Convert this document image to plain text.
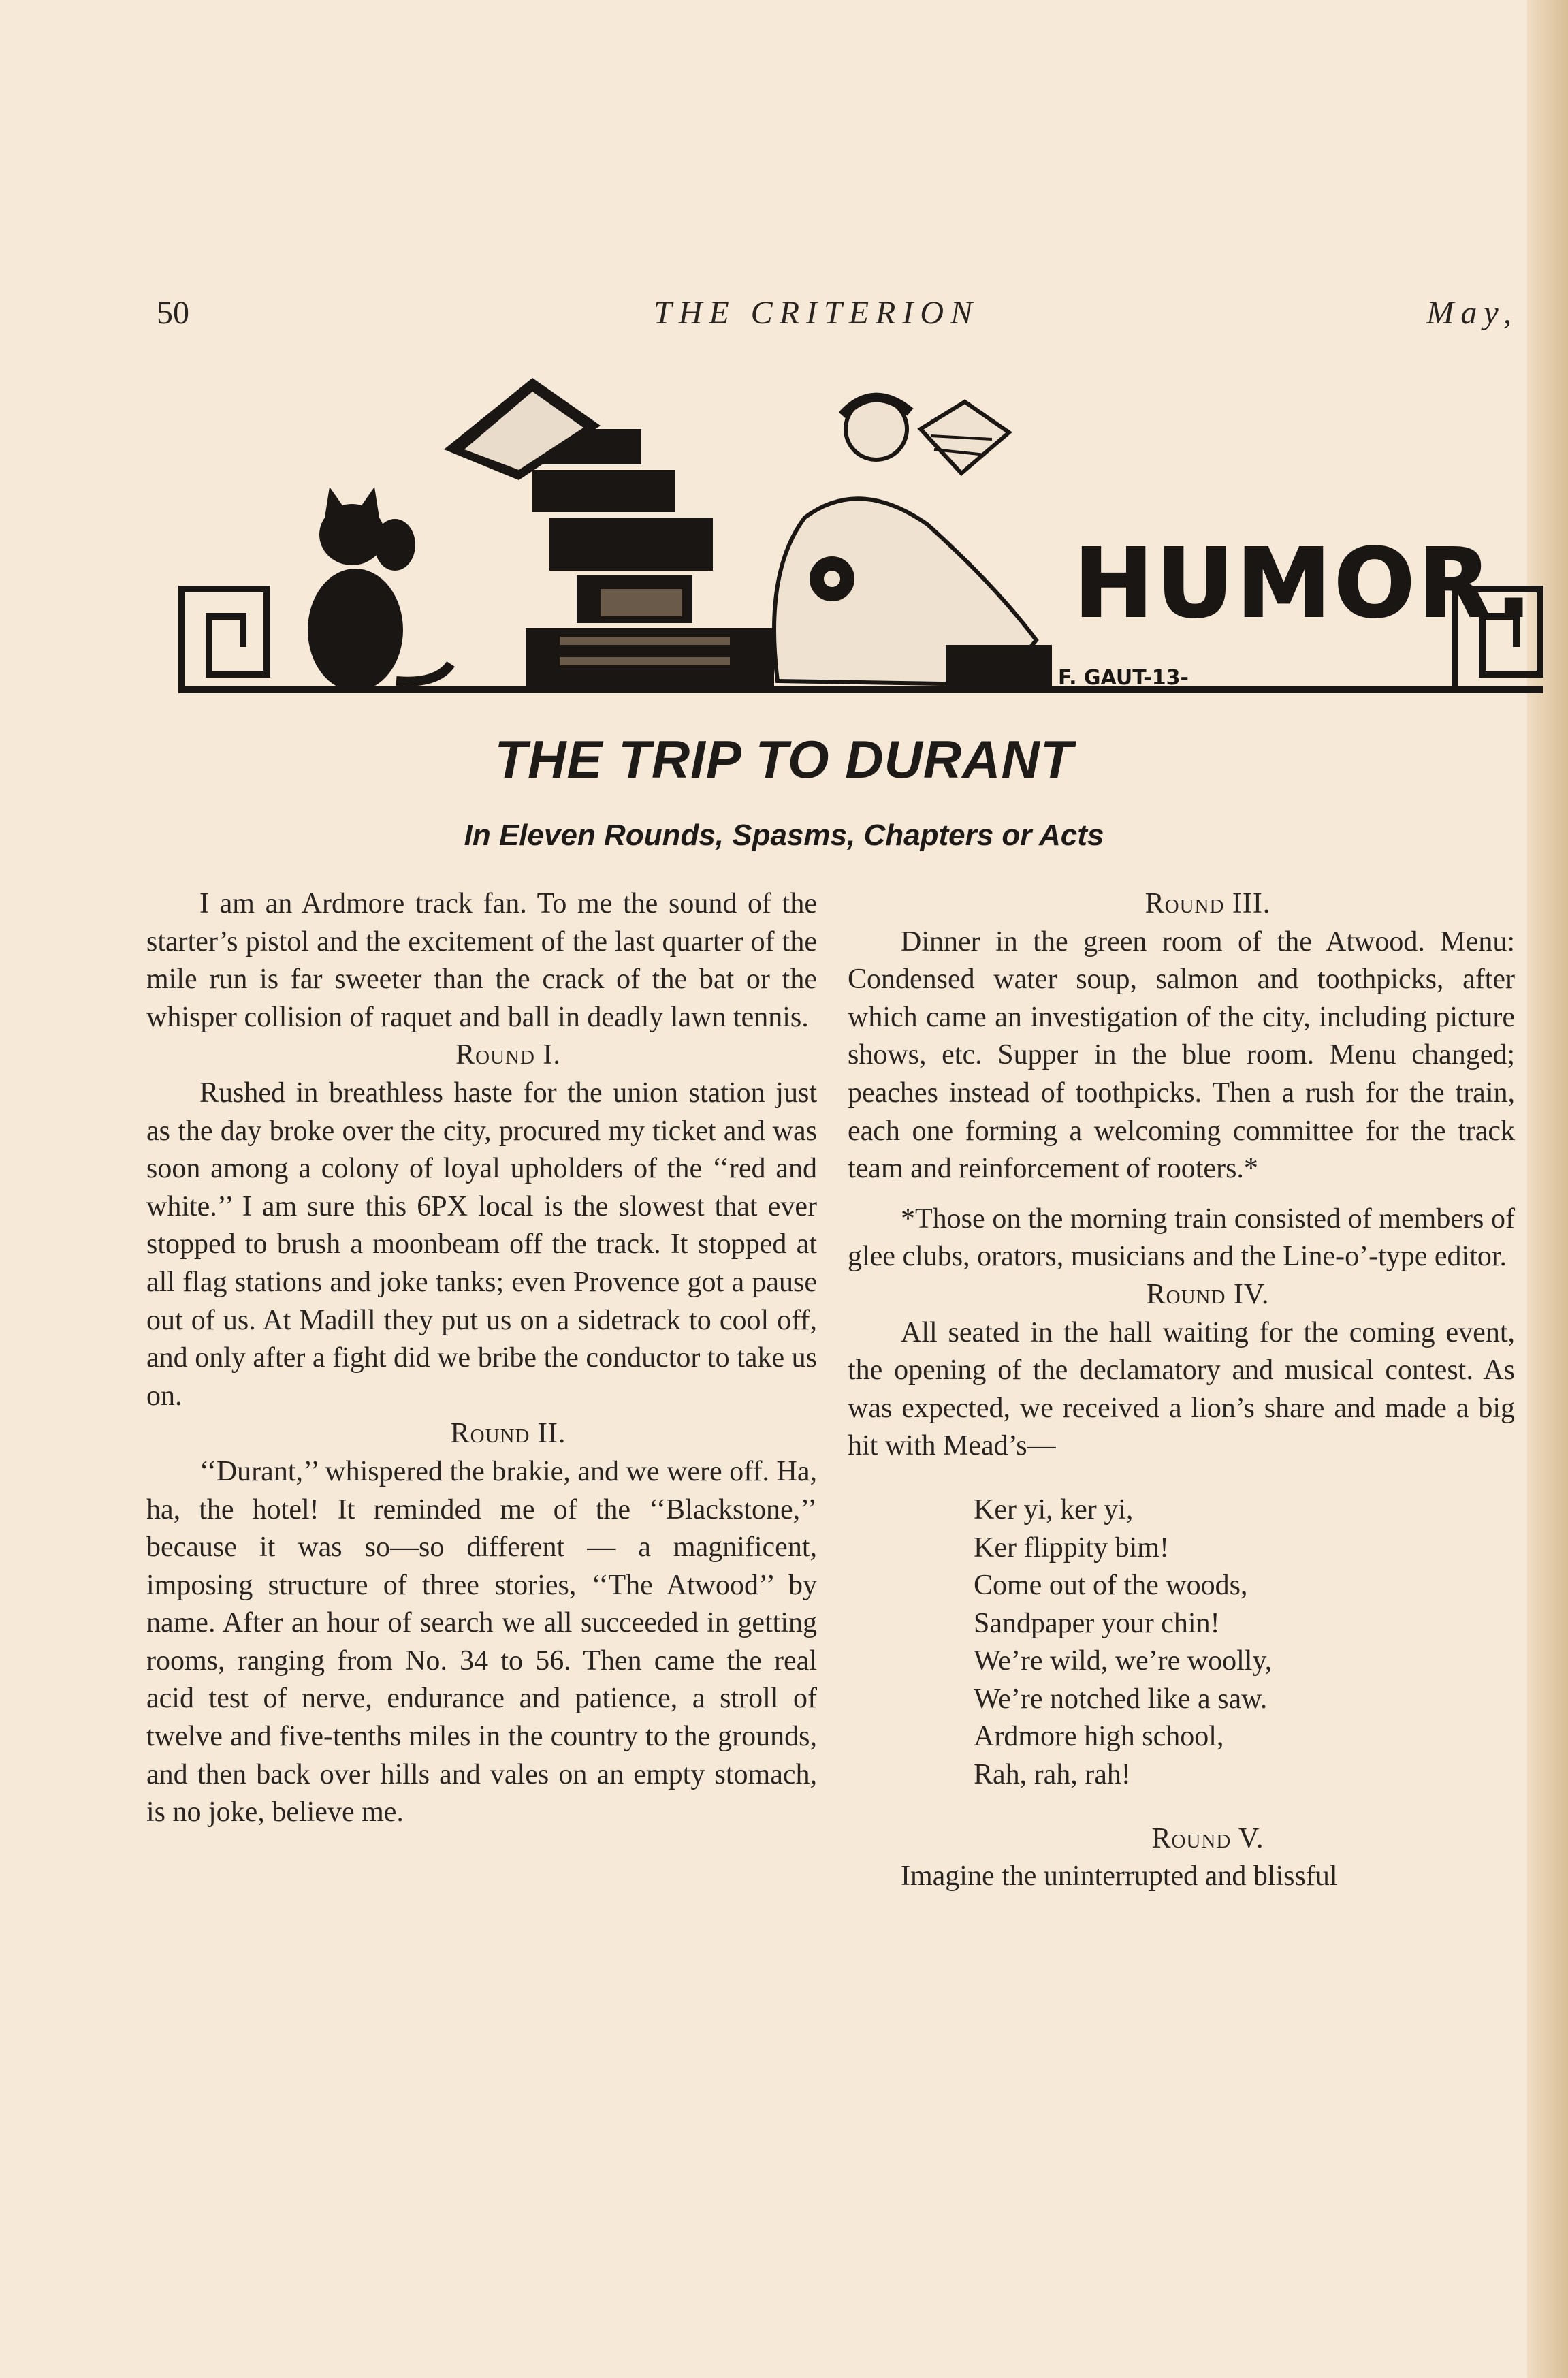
50	THE CRITERION	May,
HUMOR.
F. GAUT-13-
THE TRIP TO DURANT
In Eleven Rounds, Spasms, Chapters or Acts

I am an Ardmore track fan. To me the sound of the starter’s pistol and the excitement of the last quarter of the mile run is far sweeter than the crack of the bat or the whisper collision of raquet and ball in deadly lawn tennis.

Round I.

Rushed in breathless haste for the union station just as the day broke over the city, procured my ticket and was soon among a colony of loyal upholders of the ‘‘red and white.’’ I am sure this 6PX local is the slowest that ever stopped to brush a moonbeam off the track. It stopped at all flag stations and joke tanks; even Provence got a pause out of us. At Madill they put us on a sidetrack to cool off, and only after a fight did we bribe the conductor to take us on.

Round II.

‘‘Durant,’’ whispered the brakie, and we were off. Ha, ha, the hotel! It reminded me of the ‘‘Blackstone,’’ because it was so—so different — a magnificent, imposing structure of three stories, ‘‘The Atwood’’ by name. After an hour of search we all succeeded in getting rooms, ranging from No. 34 to 56. Then came the real acid test of nerve, endurance and patience, a stroll of twelve and five-tenths miles in the country to the grounds, and then back over hills and vales on an empty stomach, is no joke, believe me.

Round III.

Dinner in the green room of the Atwood. Menu: Condensed water soup, salmon and toothpicks, after which came an investigation of the city, including picture shows, etc. Supper in the blue room. Menu changed; peaches instead of toothpicks. Then a rush for the train, each one forming a welcoming committee for the track team and reinforcement of rooters.*

*Those on the morning train consisted of members of glee clubs, orators, musicians and the Line-o’-type editor.

Round IV.

All seated in the hall waiting for the coming event, the opening of the declamatory and musical contest. As was expected, we received a lion’s share and made a big hit with Mead’s—

Ker yi, ker yi,
Ker flippity bim!
Come out of the woods,
Sandpaper your chin!
We’re wild, we’re woolly,
We’re notched like a saw.
Ardmore high school,
Rah, rah, rah!

Round V.

Imagine the uninterrupted and blissful
